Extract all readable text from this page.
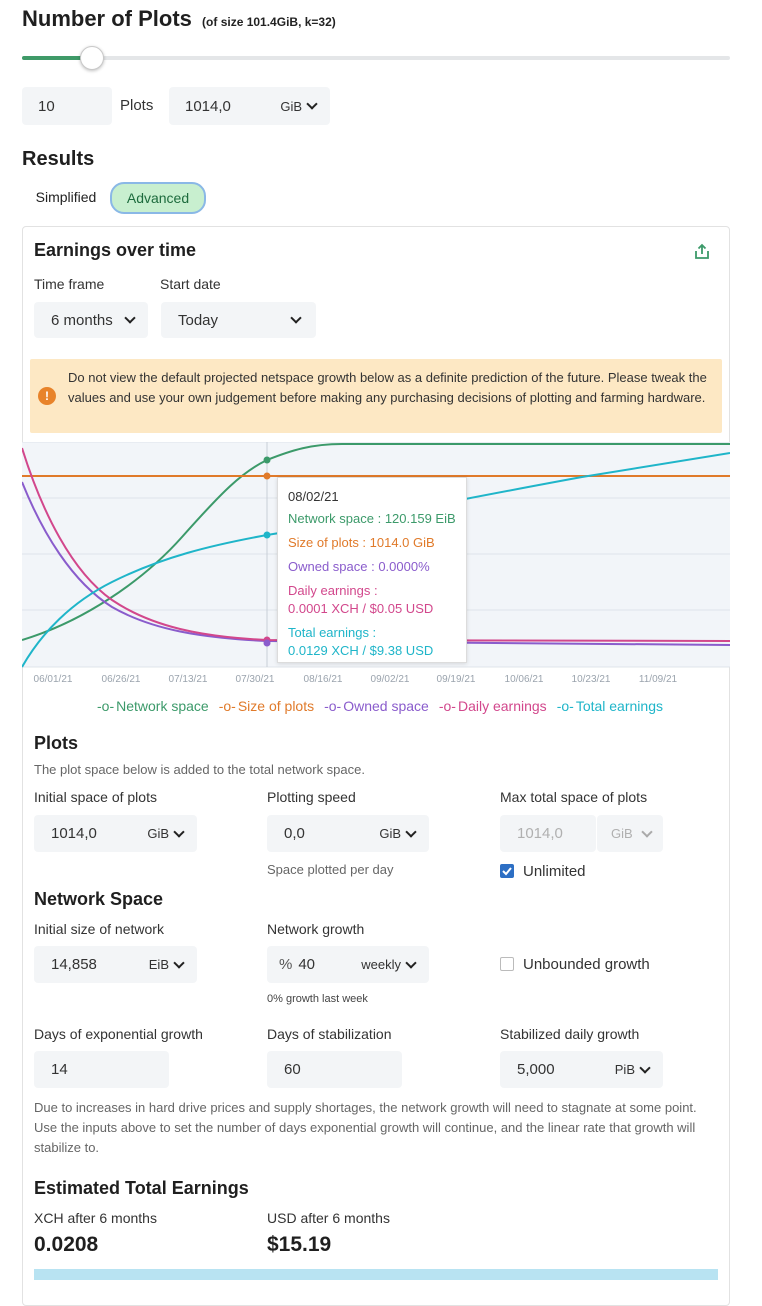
Number of Plots (of size 101.4GiB, k=32)
10	Plots 1014,0	GiB
Results
Simplified	Advanced
Earnings over time
Time frame	Start date
6 months	Today
!
Do not view the default projected netspace growth below as a definite prediction of the future. Please tweak the values and use your own judgement before making any purchasing decisions of plotting and farming hardware.
06/01/21	06/26/21	07/13/21	07/30/21	08/16/21	09/02/21	09/19/21	10/06/21	10/23/21	11/09/21
08/02/21
Network space : 120.159 EiB
Size of plots : 1014.0 GiB
Owned space : 0.0000%
Daily earnings :
0.0001 XCH / $0.05 USD
Total earnings :
0.0129 XCH / $9.38 USD
-o- Network space -o- Size of plots -o- Owned space -o- Daily earnings -o- Total earnings
Plots
The plot space below is added to the total network space.
Initial space of plots	Plotting speed	Max total space of plots
1014,0	GiB	0,0	GiB	1014,0	GiB
Space plotted per day	Unlimited
Network Space
Initial size of network	Network growth
14,858	EiB	% 40	weekly	Unbounded growth
0% growth last week
Days of exponential growth	Days of stabilization	Stabilized daily growth
14	60	5,000	PiB
Due to increases in hard drive prices and supply shortages, the network growth will need to stagnate at some point. Use the inputs above to set the number of days exponential growth will continue, and the linear rate that growth will stabilize to.
Estimated Total Earnings
XCH after 6 months	USD after 6 months
0.0208	$15.19
